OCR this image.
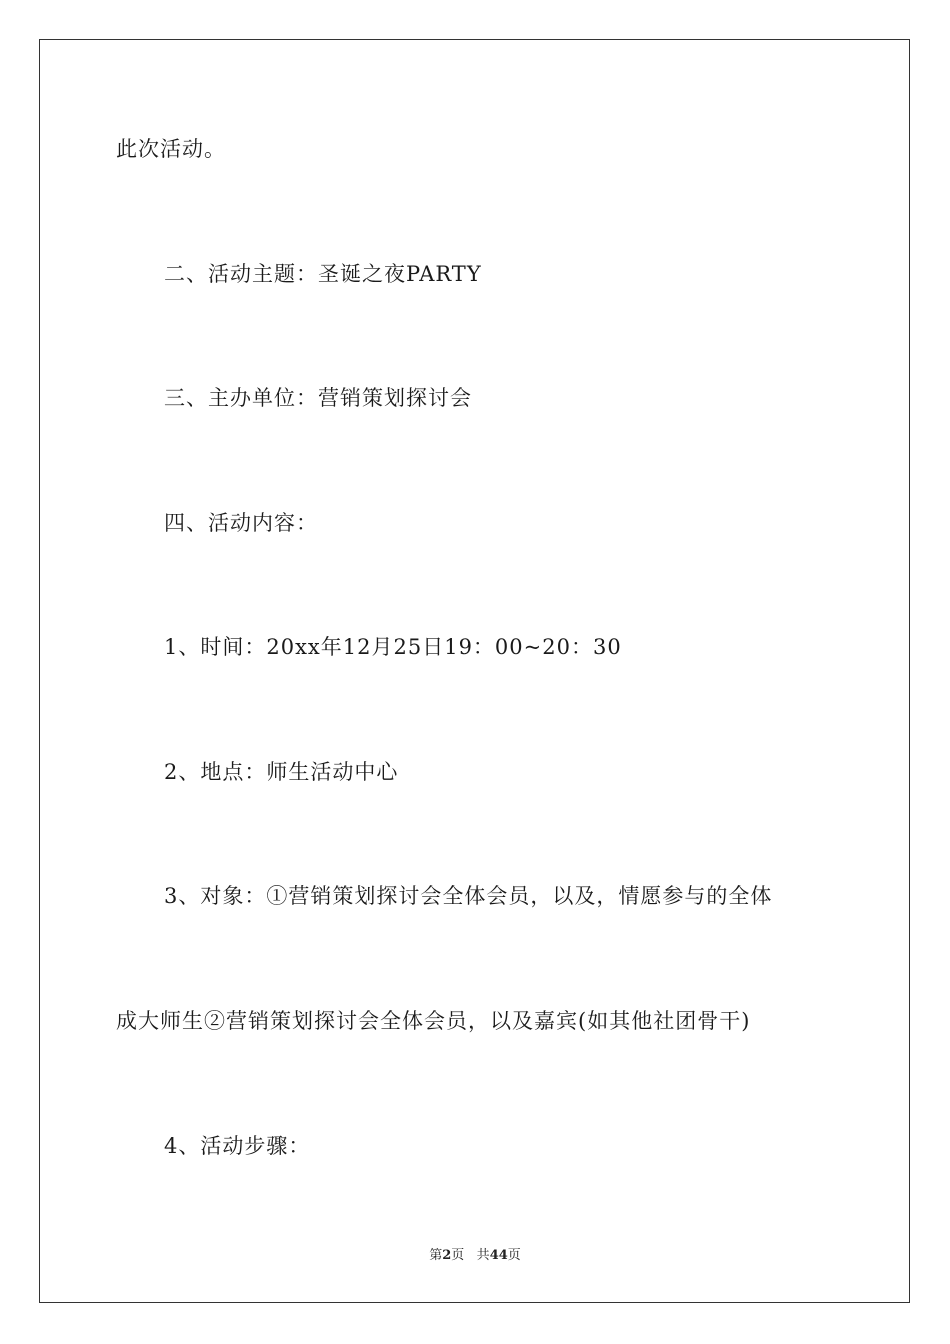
此次活动。
二、活动主题：圣诞之夜PARTY
三、主办单位：营销策划探讨会
四、活动内容：
1、时间：20xx年12月25日19：00~20：30
2、地点：师生活动中心
3、对象：①营销策划探讨会全体会员，以及，情愿参与的全体
成大师生②营销策划探讨会全体会员，以及嘉宾(如其他社团骨干)
4、活动步骤：
第2页 共44页
